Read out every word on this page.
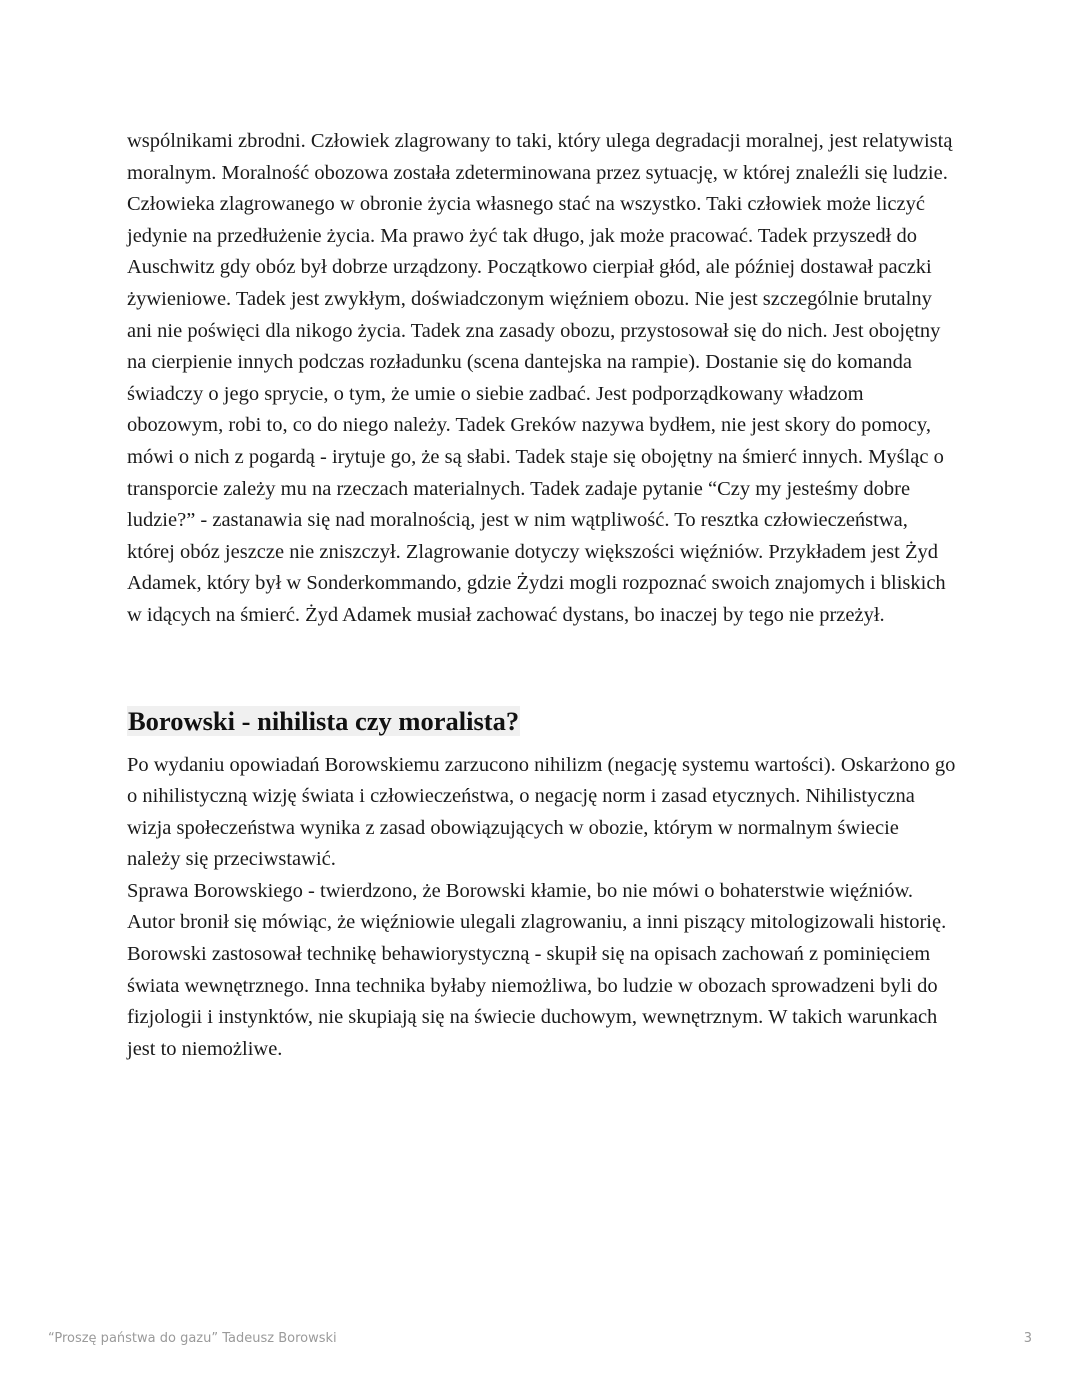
wspólnikami zbrodni. Człowiek zlagrowany to taki, który ulega degradacji moralnej, jest relatywistą moralnym. Moralność obozowa została zdeterminowana przez sytuację, w której znaleźli się ludzie. Człowieka zlagrowanego w obronie życia własnego stać na wszystko. Taki człowiek może liczyć jedynie na przedłużenie życia. Ma prawo żyć tak długo, jak może pracować. Tadek przyszedł do Auschwitz gdy obóz był dobrze urządzony. Początkowo cierpiał głód, ale później dostawał paczki żywieniowe. Tadek jest zwykłym, doświadczonym więźniem obozu. Nie jest szczególnie brutalny ani nie poświęci dla nikogo życia. Tadek zna zasady obozu, przystosował się do nich. Jest obojętny na cierpienie innych podczas rozładunku (scena dantejska na rampie). Dostanie się do komanda świadczy o jego sprycie, o tym, że umie o siebie zadbać. Jest podporządkowany władzom obozowym, robi to, co do niego należy. Tadek Greków nazywa bydłem, nie jest skory do pomocy, mówi o nich z pogardą - irytuje go, że są słabi. Tadek staje się obojętny na śmierć innych. Myśląc o transporcie zależy mu na rzeczach materialnych. Tadek zadaje pytanie “Czy my jesteśmy dobre ludzie?” - zastanawia się nad moralnością, jest w nim wątpliwość. To resztka człowieczeństwa, której obóz jeszcze nie zniszczył. Zlagrowanie dotyczy większości więźniów. Przykładem jest Żyd Adamek, który był w Sonderkommando, gdzie Żydzi mogli rozpoznać swoich znajomych i bliskich w idących na śmierć. Żyd Adamek musiał zachować dystans, bo inaczej by tego nie przeżył.

Borowski - nihilista czy moralista?

Po wydaniu opowiadań Borowskiemu zarzucono nihilizm (negację systemu wartości). Oskarżono go o nihilistyczną wizję świata i człowieczeństwa, o negację norm i zasad etycznych. Nihilistyczna wizja społeczeństwa wynika z zasad obowiązujących w obozie, którym w normalnym świecie należy się przeciwstawić.

Sprawa Borowskiego - twierdzono, że Borowski kłamie, bo nie mówi o bohaterstwie więźniów. Autor bronił się mówiąc, że więźniowie ulegali zlagrowaniu, a inni piszący mitologizowali historię.

Borowski zastosował technikę behawiorystyczną - skupił się na opisach zachowań z pominięciem świata wewnętrznego. Inna technika byłaby niemożliwa, bo ludzie w obozach sprowadzeni byli do fizjologii i instynktów, nie skupiają się na świecie duchowym, wewnętrznym. W takich warunkach jest to niemożliwe.

“Proszę państwa do gazu” Tadeusz Borowski	3
